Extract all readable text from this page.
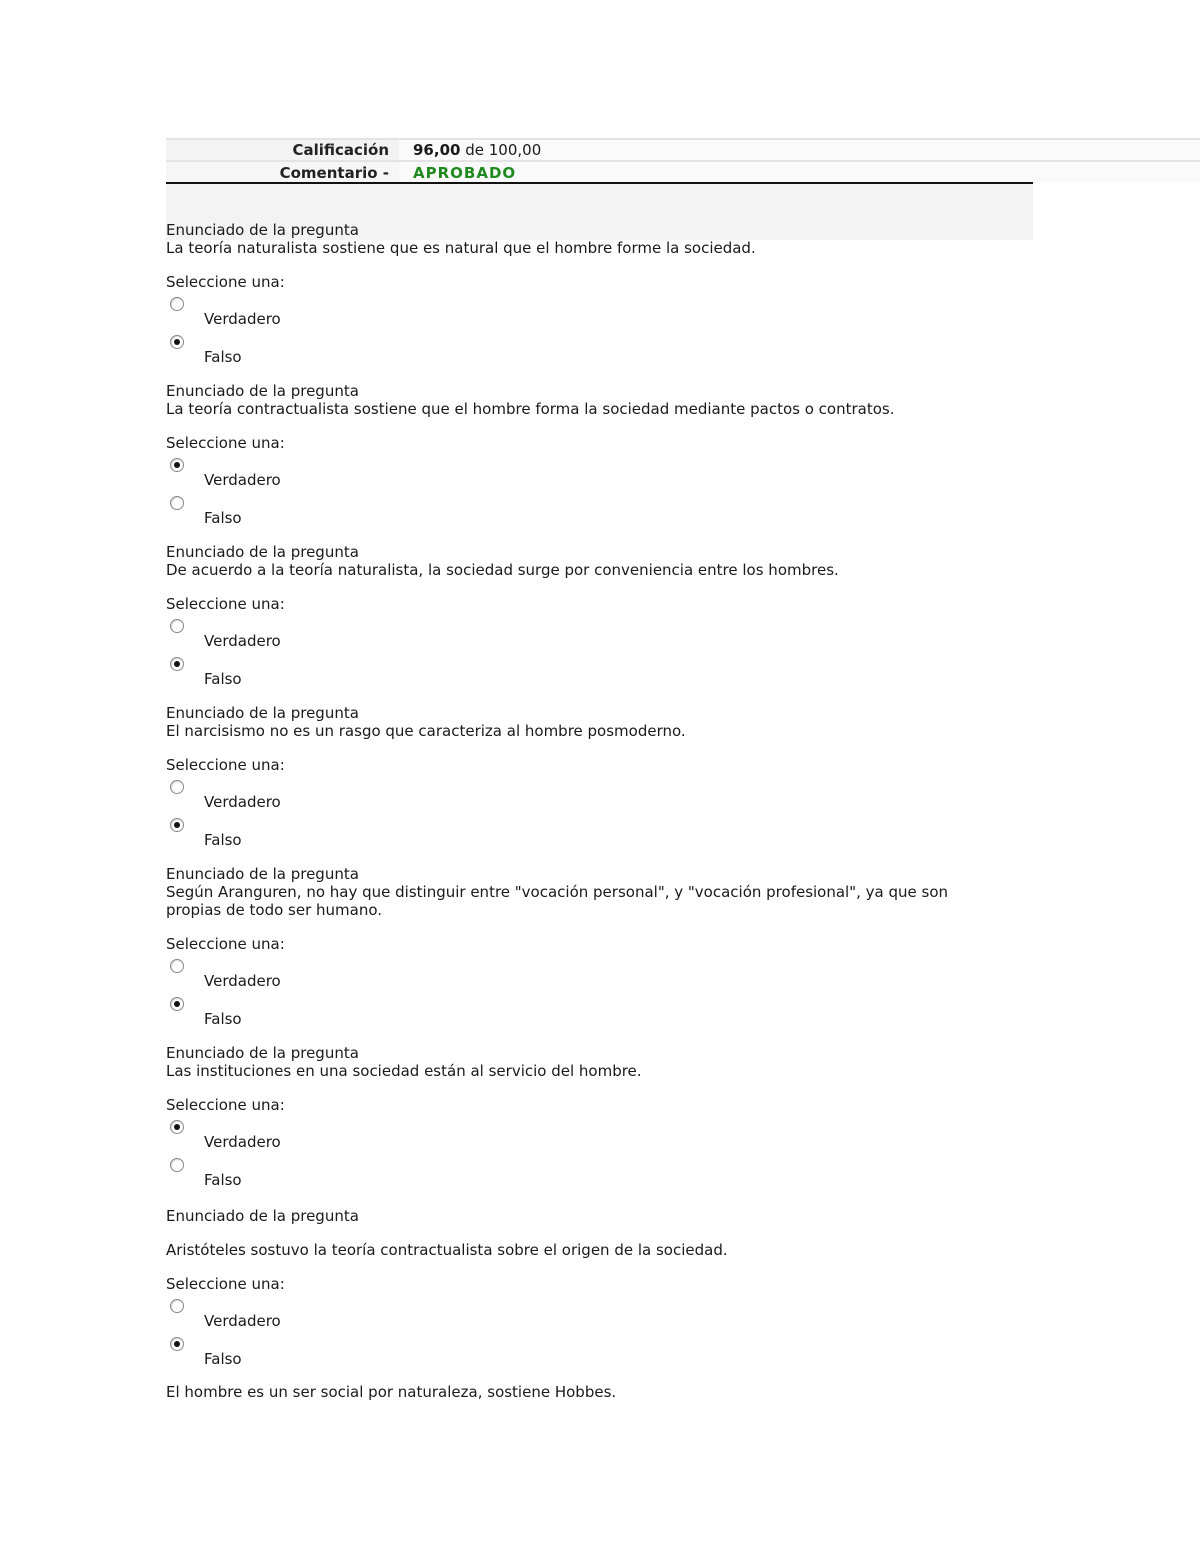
Calificación	96,00 de 100,00
Comentario -	APROBADO
Enunciado de la pregunta
La teoría naturalista sostiene que es natural que el hombre forme la sociedad.
Seleccione una:
Verdadero
Falso
Enunciado de la pregunta
La teoría contractualista sostiene que el hombre forma la sociedad mediante pactos o contratos.
Seleccione una:
Verdadero
Falso
Enunciado de la pregunta
De acuerdo a la teoría naturalista, la sociedad surge por conveniencia entre los hombres.
Seleccione una:
Verdadero
Falso
Enunciado de la pregunta
El narcisismo no es un rasgo que caracteriza al hombre posmoderno.
Seleccione una:
Verdadero
Falso
Enunciado de la pregunta
Según Aranguren, no hay que distinguir entre "vocación personal", y "vocación profesional", ya que son propias de todo ser humano.
Seleccione una:
Verdadero
Falso
Enunciado de la pregunta
Las instituciones en una sociedad están al servicio del hombre.
Seleccione una:
Verdadero
Falso
Enunciado de la pregunta
Aristóteles sostuvo la teoría contractualista sobre el origen de la sociedad.
Seleccione una:
Verdadero
Falso
El hombre es un ser social por naturaleza, sostiene Hobbes.
